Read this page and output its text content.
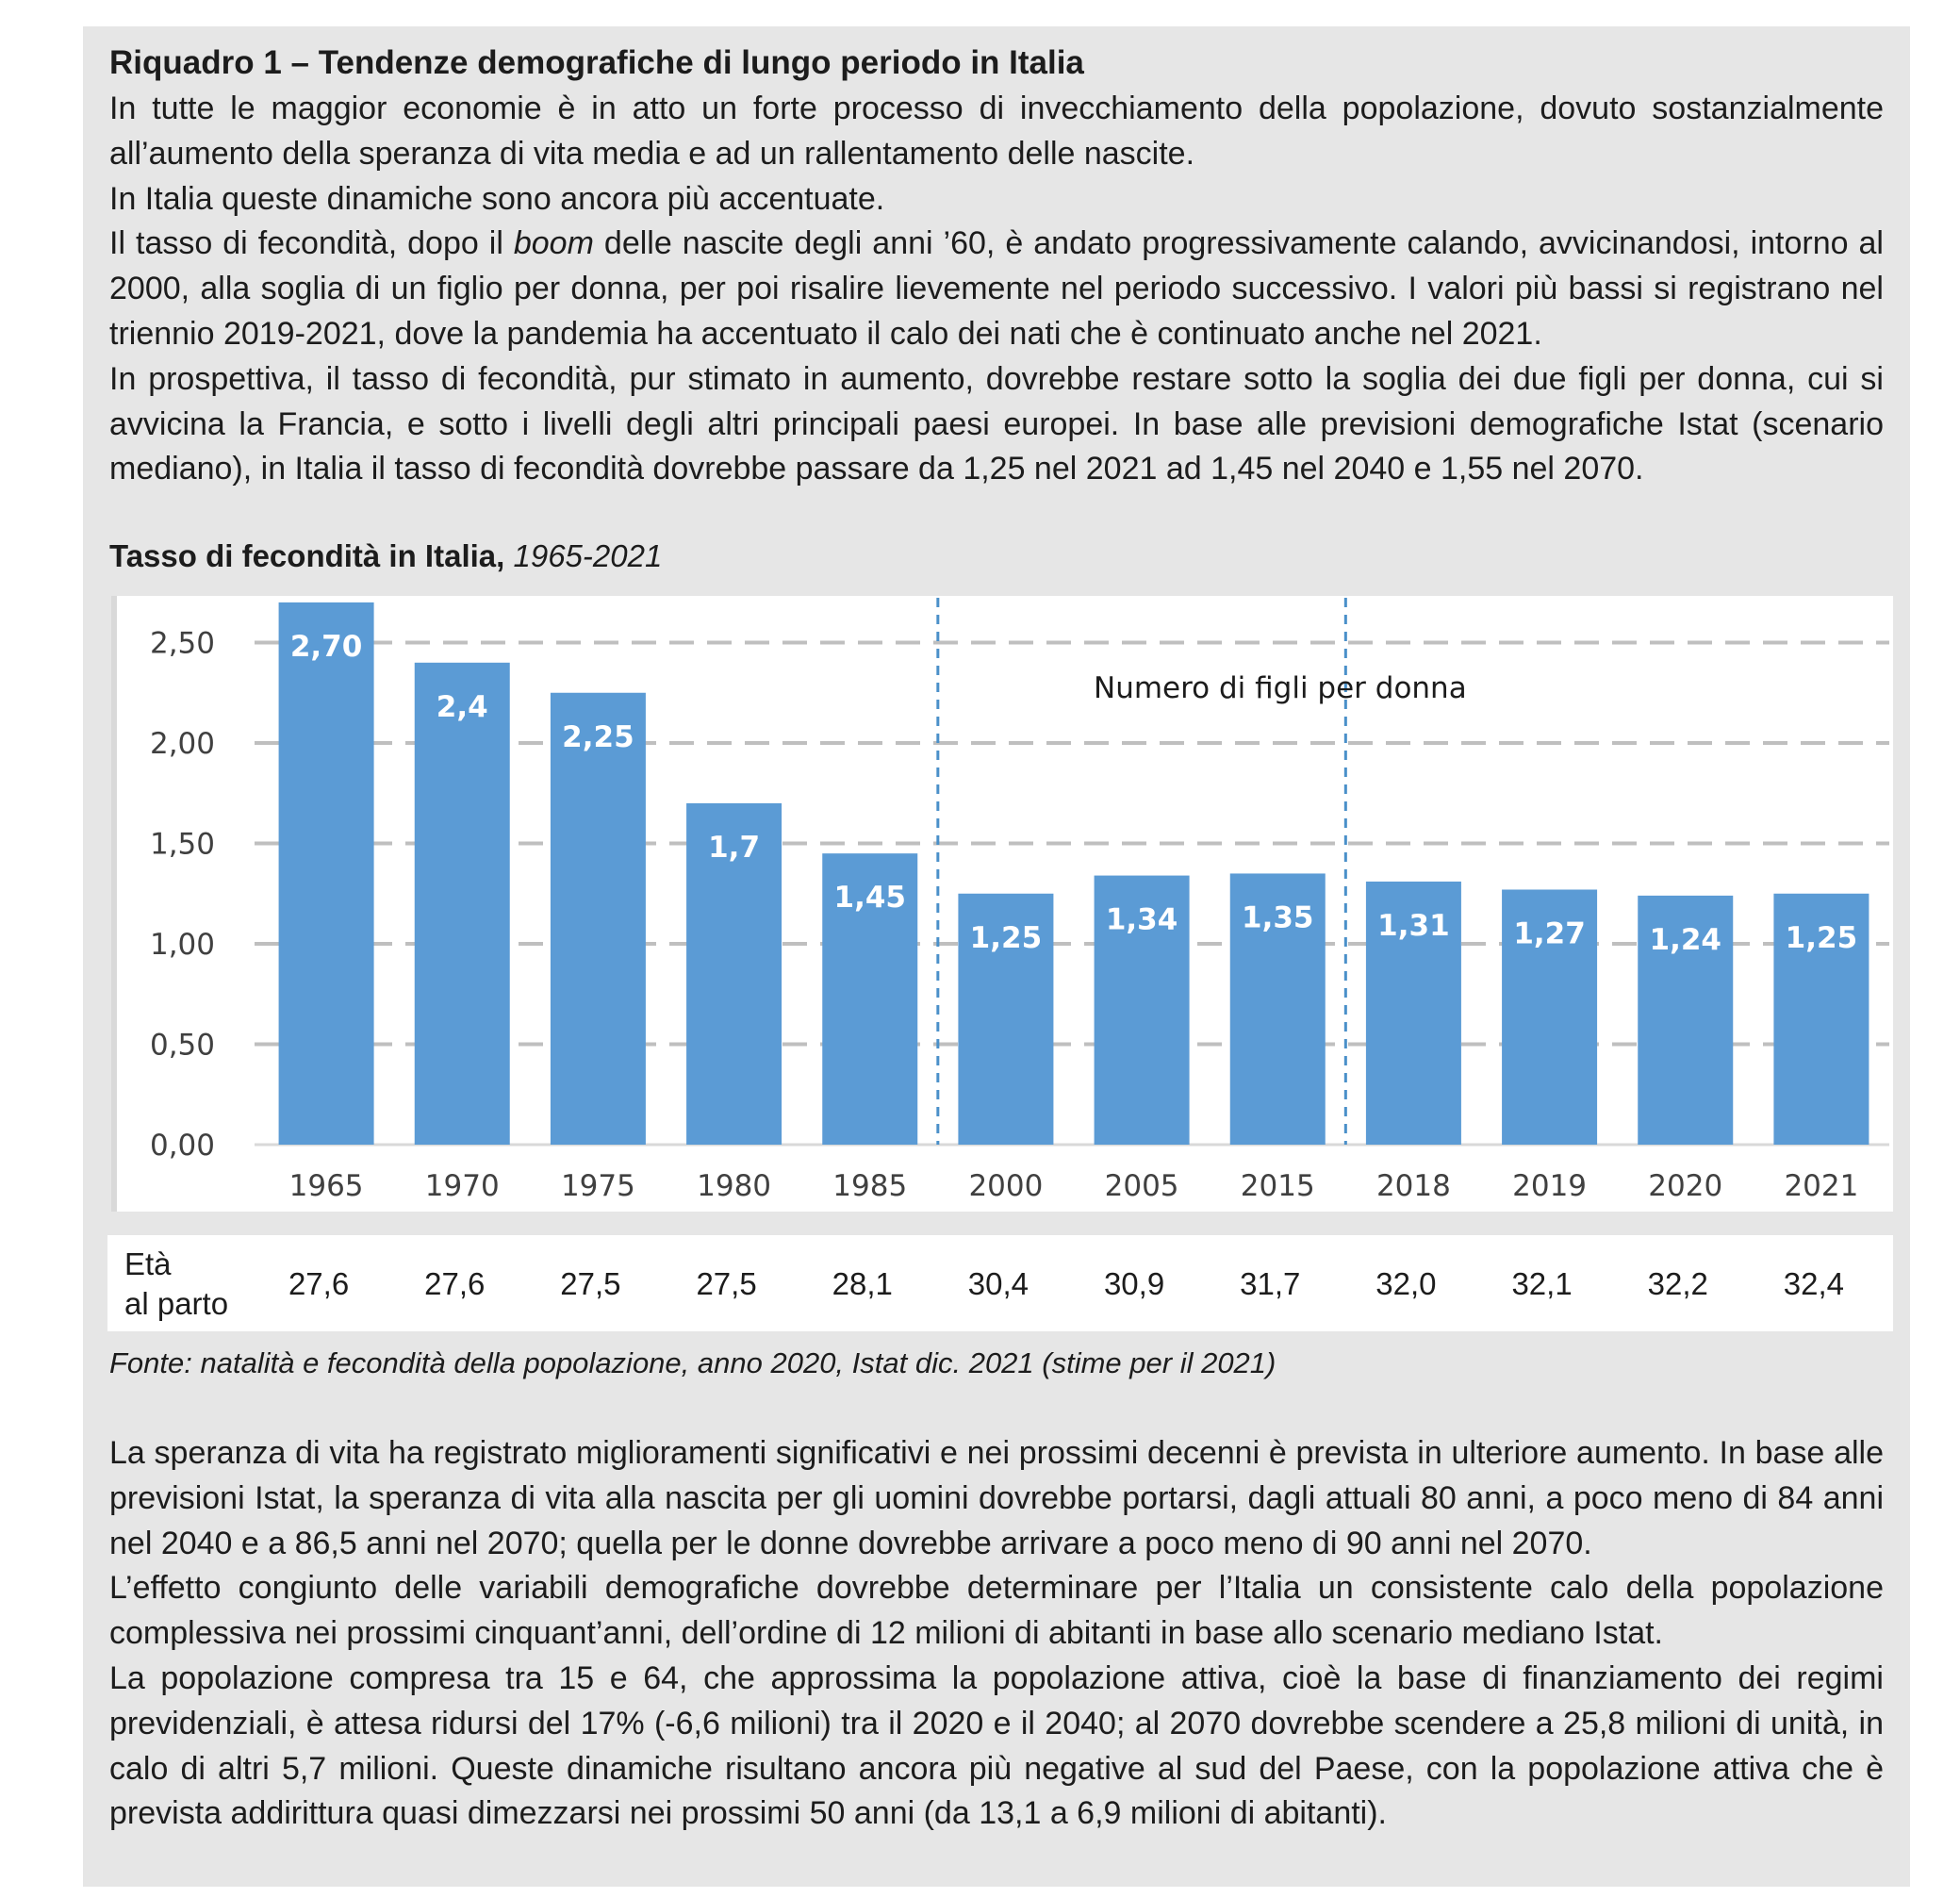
Riquadro 1 – Tendenze demografiche di lungo periodo in Italia

In tutte le maggior economie è in atto un forte processo di invecchiamento della popolazione, dovuto sostanzialmente all’aumento della speranza di vita media e ad un rallentamento delle nascite.

In Italia queste dinamiche sono ancora più accentuate.

Il tasso di fecondità, dopo il boom delle nascite degli anni ’60, è andato progressivamente calando, avvicinandosi, intorno al 2000, alla soglia di un figlio per donna, per poi risalire lievemente nel periodo successivo. I valori più bassi si registrano nel triennio 2019-2021, dove la pandemia ha accentuato il calo dei nati che è continuato anche nel 2021.

In prospettiva, il tasso di fecondità, pur stimato in aumento, dovrebbe restare sotto la soglia dei due figli per donna, cui si avvicina la Francia, e sotto i livelli degli altri principali paesi europei. In base alle previsioni demografiche Istat (scenario mediano), in Italia il tasso di fecondità dovrebbe passare da 1,25 nel 2021 ad 1,45 nel 2040 e 1,55 nel 2070.

Tasso di fecondità in Italia, 1965-2021
0,00
0,50
1,00
1,50
2,00
2,50	2,70
1965
2,4
1970
2,25
1975
1,7
1980
1,45
1985
1,25
2000
1,34
2005
1,35
2015
1,31
2018
1,27
2019
1,24
2020
1,25
2021
Numero di figli per donna
Età
al parto
27,6	27,6	27,5	27,5	28,1	30,4	30,9	31,7	32,0	32,1	32,2	32,4
Fonte: natalità e fecondità della popolazione, anno 2020, Istat dic. 2021 (stime per il 2021)

La speranza di vita ha registrato miglioramenti significativi e nei prossimi decenni è prevista in ulteriore aumento. In base alle previsioni Istat, la speranza di vita alla nascita per gli uomini dovrebbe portarsi, dagli attuali 80 anni, a poco meno di 84 anni nel 2040 e a 86,5 anni nel 2070; quella per le donne dovrebbe arrivare a poco meno di 90 anni nel 2070.

L’effetto congiunto delle variabili demografiche dovrebbe determinare per l’Italia un consistente calo della popolazione complessiva nei prossimi cinquant’anni, dell’ordine di 12 milioni di abitanti in base allo scenario mediano Istat.

La popolazione compresa tra 15 e 64, che approssima la popolazione attiva, cioè la base di finanziamento dei regimi previdenziali, è attesa ridursi del 17% (-6,6 milioni) tra il 2020 e il 2040; al 2070 dovrebbe scendere a 25,8 milioni di unità, in calo di altri 5,7 milioni. Queste dinamiche risultano ancora più negative al sud del Paese, con la popolazione attiva che è prevista addirittura quasi dimezzarsi nei prossimi 50 anni (da 13,1 a 6,9 milioni di abitanti).
